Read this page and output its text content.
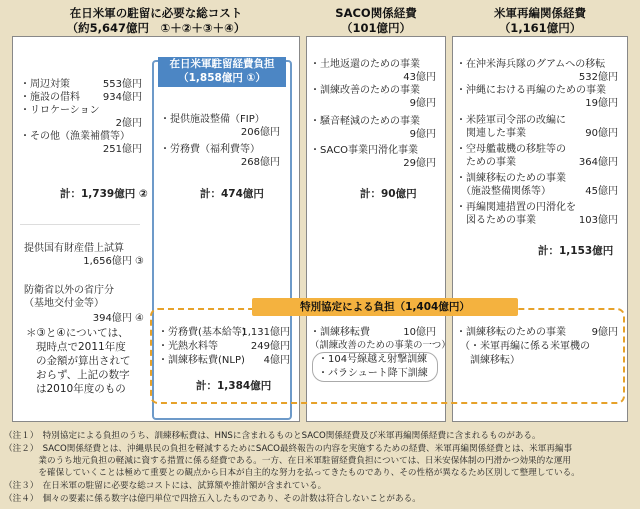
在日米軍の駐留に必要な総コスト
（約5,647億円　①＋②＋③＋④）
SACO関係経費
（101億円）
米軍再編関係経費
（1,161億円）
・周辺対策	553億円
・施設の借料	934億円
・リロケーション
2億円
・その他（漁業補償等）
251億円
計：1,739億円 ②
提供国有財産借上試算
1,656億円 ③
防衛省以外の省庁分
（基地交付金等）
394億円 ④
＊③と④については、
現時点で2011年度
の金額が算出されて
おらず、上記の数字
は2010年度のもの
在日米軍駐留経費負担
（1,858億円 ①）
・提供施設整備（FIP）
206億円
・労務費（福利費等）
268億円
計：474億円
・土地返還のための事業
43億円
・訓練改善のための事業
9億円
・騒音軽減のための事業
9億円
・SACO事業円滑化事業
29億円
計：90億円
・在沖米海兵隊のグアムへの移転
532億円
・沖縄における再編のための事業
19億円
・米陸軍司令部の改編に
　関連した事業	90億円
・空母艦載機の移駐等の
　ための事業	364億円
・訓練移転のための事業
　（施設整備関係等）	45億円
・再編関連措置の円滑化を
　図るための事業	103億円
計：1,153億円
特別協定による負担（1,404億円）
・労務費(基本給等)
1,131億円
・光熱水料等	249億円
・訓練移転費(NLP)	4億円
計：1,384億円
・訓練移転費	10億円
（訓練改善のための事業の一つ）
・104号線越え射撃訓練
・パラシュート降下訓練
・訓練移転のための事業	9億円
（・米軍再編に係る米軍機の
　訓練移転）
（注１）　特別協定による負担のうち、訓練移転費は、HNSに含まれるものとSACO関係経費及び米軍再編関係経費に含まれるものがある。
（注２）　SACO関係経費とは、沖縄県民の負担を軽減するためにSACO最終報告の内容を実施するための経費、米軍再編関係経費とは、米軍再編事
　　　　業のうち地元負担の軽減に資する措置に係る経費である。一方、在日米軍駐留経費負担については、日米安保体制の円滑かつ効果的な運用
　　　　を確保していくことは極めて重要との観点から日本が自主的な努力を払ってきたものであり、その性格が異なるため区別して整理している。
（注３）　在日米軍の駐留に必要な総コストには、試算額や推計額が含まれている。
（注４）　個々の要素に係る数字は億円単位で四捨五入したものであり、その計数は符合しないことがある。
